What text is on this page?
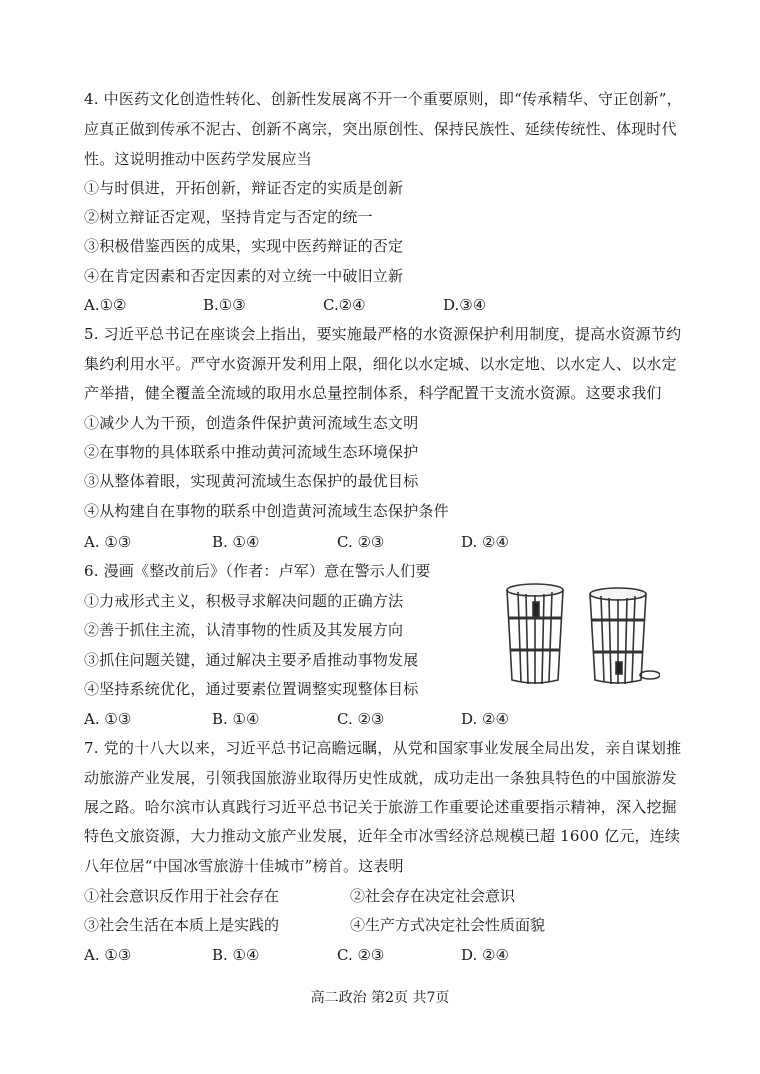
4. 中医药文化创造性转化、创新性发展离不开一个重要原则，即“传承精华、守正创新”，
应真正做到传承不泥古、创新不离宗，突出原创性、保持民族性、延续传统性、体现时代
性。这说明推动中医药学发展应当
①与时俱进，开拓创新，辩证否定的实质是创新
②树立辩证否定观，坚持肯定与否定的统一
③积极借鉴西医的成果，实现中医药辩证的否定
④在肯定因素和否定因素的对立统一中破旧立新
A.①②	B.①③	C.②④	D.③④
5. 习近平总书记在座谈会上指出，要实施最严格的水资源保护利用制度，提高水资源节约
集约利用水平。严守水资源开发利用上限，细化以水定城、以水定地、以水定人、以水定
产举措，健全覆盖全流域的取用水总量控制体系，科学配置干支流水资源。这要求我们
①减少人为干预，创造条件保护黄河流域生态文明
②在事物的具体联系中推动黄河流域生态环境保护
③从整体着眼，实现黄河流域生态保护的最优目标
④从构建自在事物的联系中创造黄河流域生态保护条件
A. ①③	B. ①④	C. ②③	D. ②④
6. 漫画《整改前后》（作者：卢军）意在警示人们要
①力戒形式主义，积极寻求解决问题的正确方法
②善于抓住主流，认清事物的性质及其发展方向
③抓住问题关键，通过解决主要矛盾推动事物发展
④坚持系统优化，通过要素位置调整实现整体目标
A. ①③	B. ①④	C. ②③	D. ②④
7. 党的十八大以来，习近平总书记高瞻远瞩，从党和国家事业发展全局出发，亲自谋划推
动旅游产业发展，引领我国旅游业取得历史性成就，成功走出一条独具特色的中国旅游发
展之路。哈尔滨市认真践行习近平总书记关于旅游工作重要论述重要指示精神，深入挖掘
特色文旅资源，大力推动文旅产业发展，近年全市冰雪经济总规模已超 1600 亿元，连续
八年位居“中国冰雪旅游十佳城市”榜首。这表明
①社会意识反作用于社会存在	②社会存在决定社会意识
③社会生活在本质上是实践的	④生产方式决定社会性质面貌
A. ①③	B. ①④	C. ②③	D. ②④
高二政治 第2页 共7页
